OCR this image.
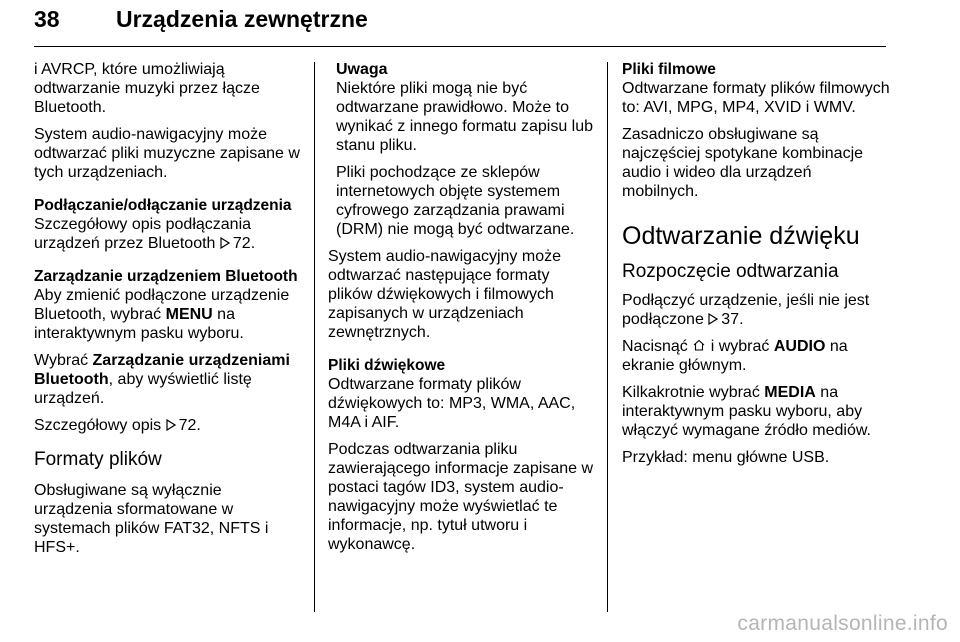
38 Urządzenia zewnętrzne

i AVRCP, które umożliwiają odtwarzanie muzyki przez łącze Bluetooth.

System audio-nawigacyjny może odtwarzać pliki muzyczne zapisane w tych urządzeniach.

Podłączanie/odłączanie urządzenia

Szczegółowy opis podłączania urządzeń przez Bluetooth 72.

Zarządzanie urządzeniem Bluetooth

Aby zmienić podłączone urządzenie Bluetooth, wybrać MENU na interaktywnym pasku wyboru.

Wybrać Zarządzanie urządzeniami Bluetooth, aby wyświetlić listę urządzeń.

Szczegółowy opis 72.

Formaty plików

Obsługiwane są wyłącznie urządzenia sformatowane w systemach plików FAT32, NFTS i HFS+.

Uwaga

Niektóre pliki mogą nie być odtwarzane prawidłowo. Może to wynikać z innego formatu zapisu lub stanu pliku.

Pliki pochodzące ze sklepów internetowych objęte systemem cyfrowego zarządzania prawami (DRM) nie mogą być odtwarzane.

System audio-nawigacyjny może odtwarzać następujące formaty plików dźwiękowych i filmowych zapisanych w urządzeniach zewnętrznych.

Pliki dźwiękowe

Odtwarzane formaty plików dźwiękowych to: MP3, WMA, AAC, M4A i AIF.

Podczas odtwarzania pliku zawierającego informacje zapisane w postaci tagów ID3, system audio-nawigacyjny może wyświetlać te informacje, np. tytuł utworu i wykonawcę.

Pliki filmowe

Odtwarzane formaty plików filmowych to: AVI, MPG, MP4, XVID i WMV.

Zasadniczo obsługiwane są najczęściej spotykane kombinacje audio i wideo dla urządzeń mobilnych.

Odtwarzanie dźwięku
Rozpoczęcie odtwarzania

Podłączyć urządzenie, jeśli nie jest podłączone 37.

Nacisnąć  i wybrać AUDIO na ekranie głównym.

Kilkakrotnie wybrać MEDIA na interaktywnym pasku wyboru, aby włączyć wymagane źródło mediów.

Przykład: menu główne USB.

carmanualsonline.info
